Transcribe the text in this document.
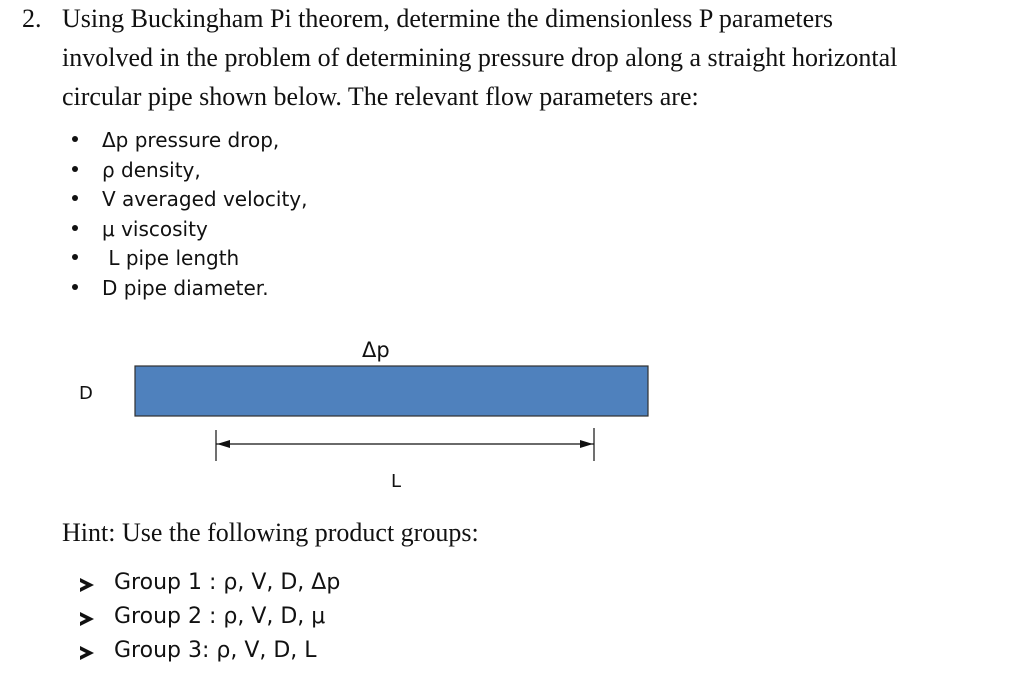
2. Using Buckingham Pi theorem, determine the dimensionless P parameters
involved in the problem of determining pressure drop along a straight horizontal
circular pipe shown below. The relevant flow parameters are:
Δp pressure drop,
ρ density,
V averaged velocity,
μ viscosity
L pipe length
D pipe diameter.
Δp
D
L
Hint: Use the following product groups:
Group 1 : ρ, V, D, Δp
Group 2 : ρ, V, D, μ
Group 3: ρ, V, D, L
